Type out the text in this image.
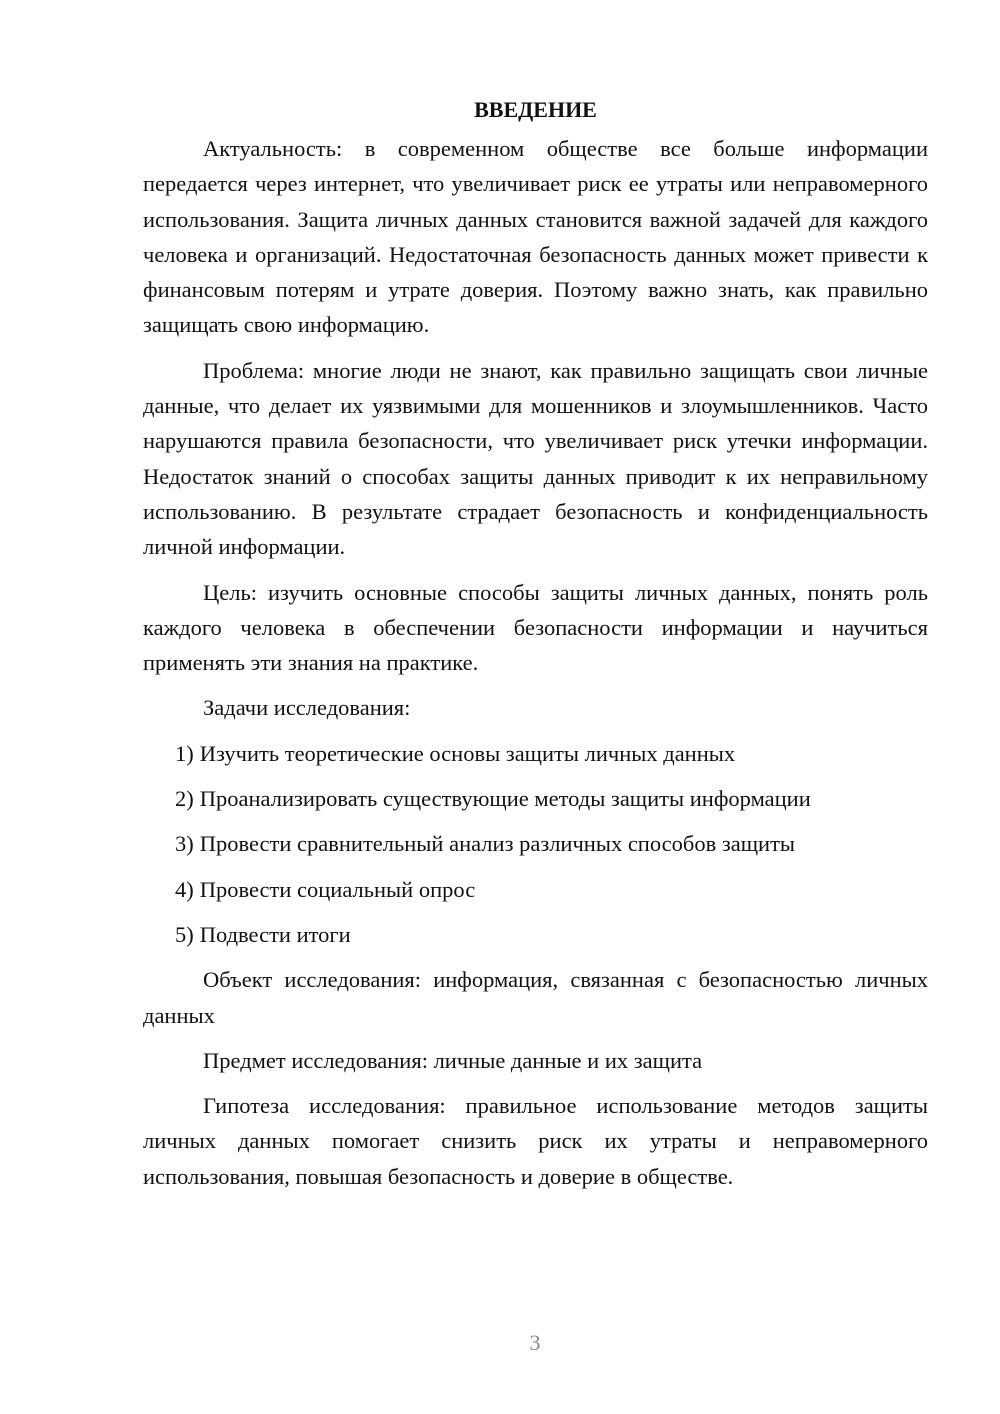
ВВЕДЕНИЕ

Актуальность: в современном обществе все больше информации передается через интернет, что увеличивает риск ее утраты или неправомерного использования. Защита личных данных становится важной задачей для каждого человека и организаций. Недостаточная безопасность данных может привести к финансовым потерям и утрате доверия. Поэтому важно знать, как правильно защищать свою информацию.

Проблема: многие люди не знают, как правильно защищать свои личные данные, что делает их уязвимыми для мошенников и злоумышленников. Часто нарушаются правила безопасности, что увеличивает риск утечки информации. Недостаток знаний о способах защиты данных приводит к их неправильному использованию. В результате страдает безопасность и конфиденциальность личной информации.

Цель: изучить основные способы защиты личных данных, понять роль каждого человека в обеспечении безопасности информации и научиться применять эти знания на практике.

Задачи исследования:

1) Изучить теоретические основы защиты личных данных
2) Проанализировать существующие методы защиты информации
3) Провести сравнительный анализ различных способов защиты
4) Провести социальный опрос
5) Подвести итоги

Объект исследования: информация, связанная с безопасностью личных данных

Предмет исследования: личные данные и их защита

Гипотеза исследования: правильное использование методов защиты личных данных помогает снизить риск их утраты и неправомерного использования, повышая безопасность и доверие в обществе.

3
